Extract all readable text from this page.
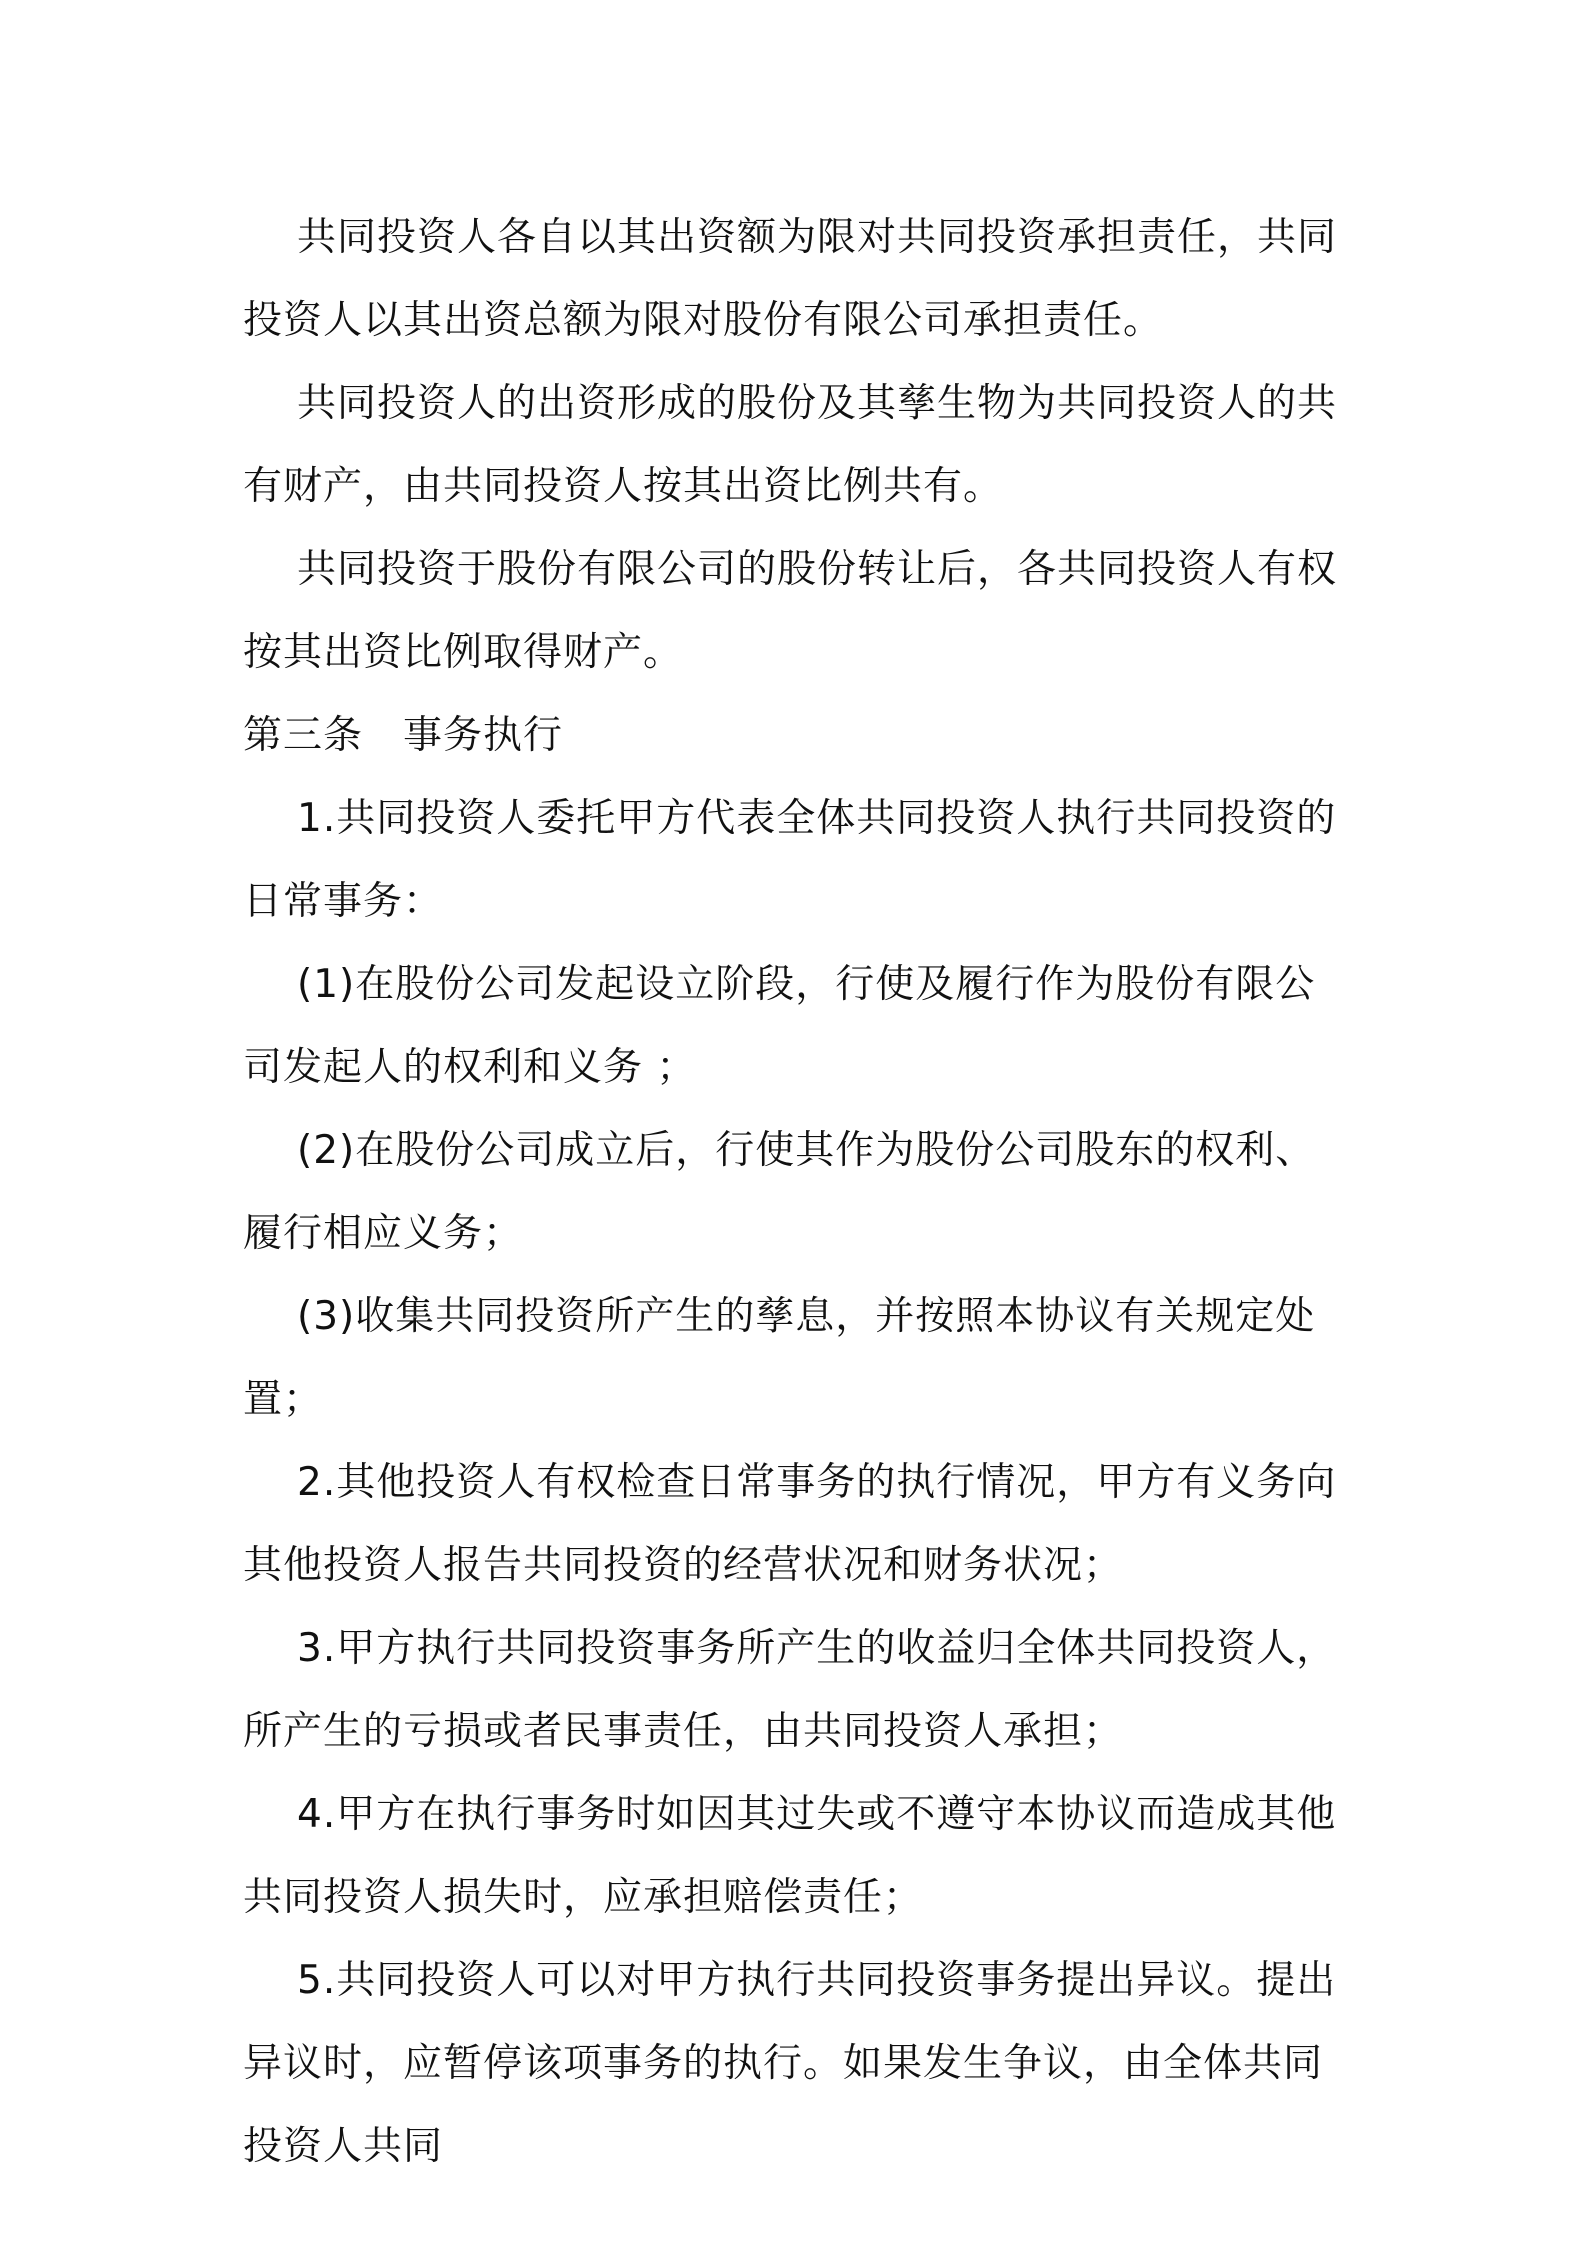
共同投资人各自以其出资额为限对共同投资承担责任，共同投资人以其出资总额为限对股份有限公司承担责任。

共同投资人的出资形成的股份及其孳生物为共同投资人的共有财产，由共同投资人按其出资比例共有。

共同投资于股份有限公司的股份转让后，各共同投资人有权按其出资比例取得财产。

第三条 事务执行

1.共同投资人委托甲方代表全体共同投资人执行共同投资的日常事务：

(1)在股份公司发起设立阶段，行使及履行作为股份有限公司发起人的权利和义务 ；

(2)在股份公司成立后，行使其作为股份公司股东的权利、履行相应义务；

(3)收集共同投资所产生的孳息，并按照本协议有关规定处置；

2.其他投资人有权检查日常事务的执行情况，甲方有义务向其他投资人报告共同投资的经营状况和财务状况；

3.甲方执行共同投资事务所产生的收益归全体共同投资人，所产生的亏损或者民事责任，由共同投资人承担；

4.甲方在执行事务时如因其过失或不遵守本协议而造成其他共同投资人损失时，应承担赔偿责任；

5.共同投资人可以对甲方执行共同投资事务提出异议。提出异议时，应暂停该项事务的执行。如果发生争议，由全体共同投资人共同
